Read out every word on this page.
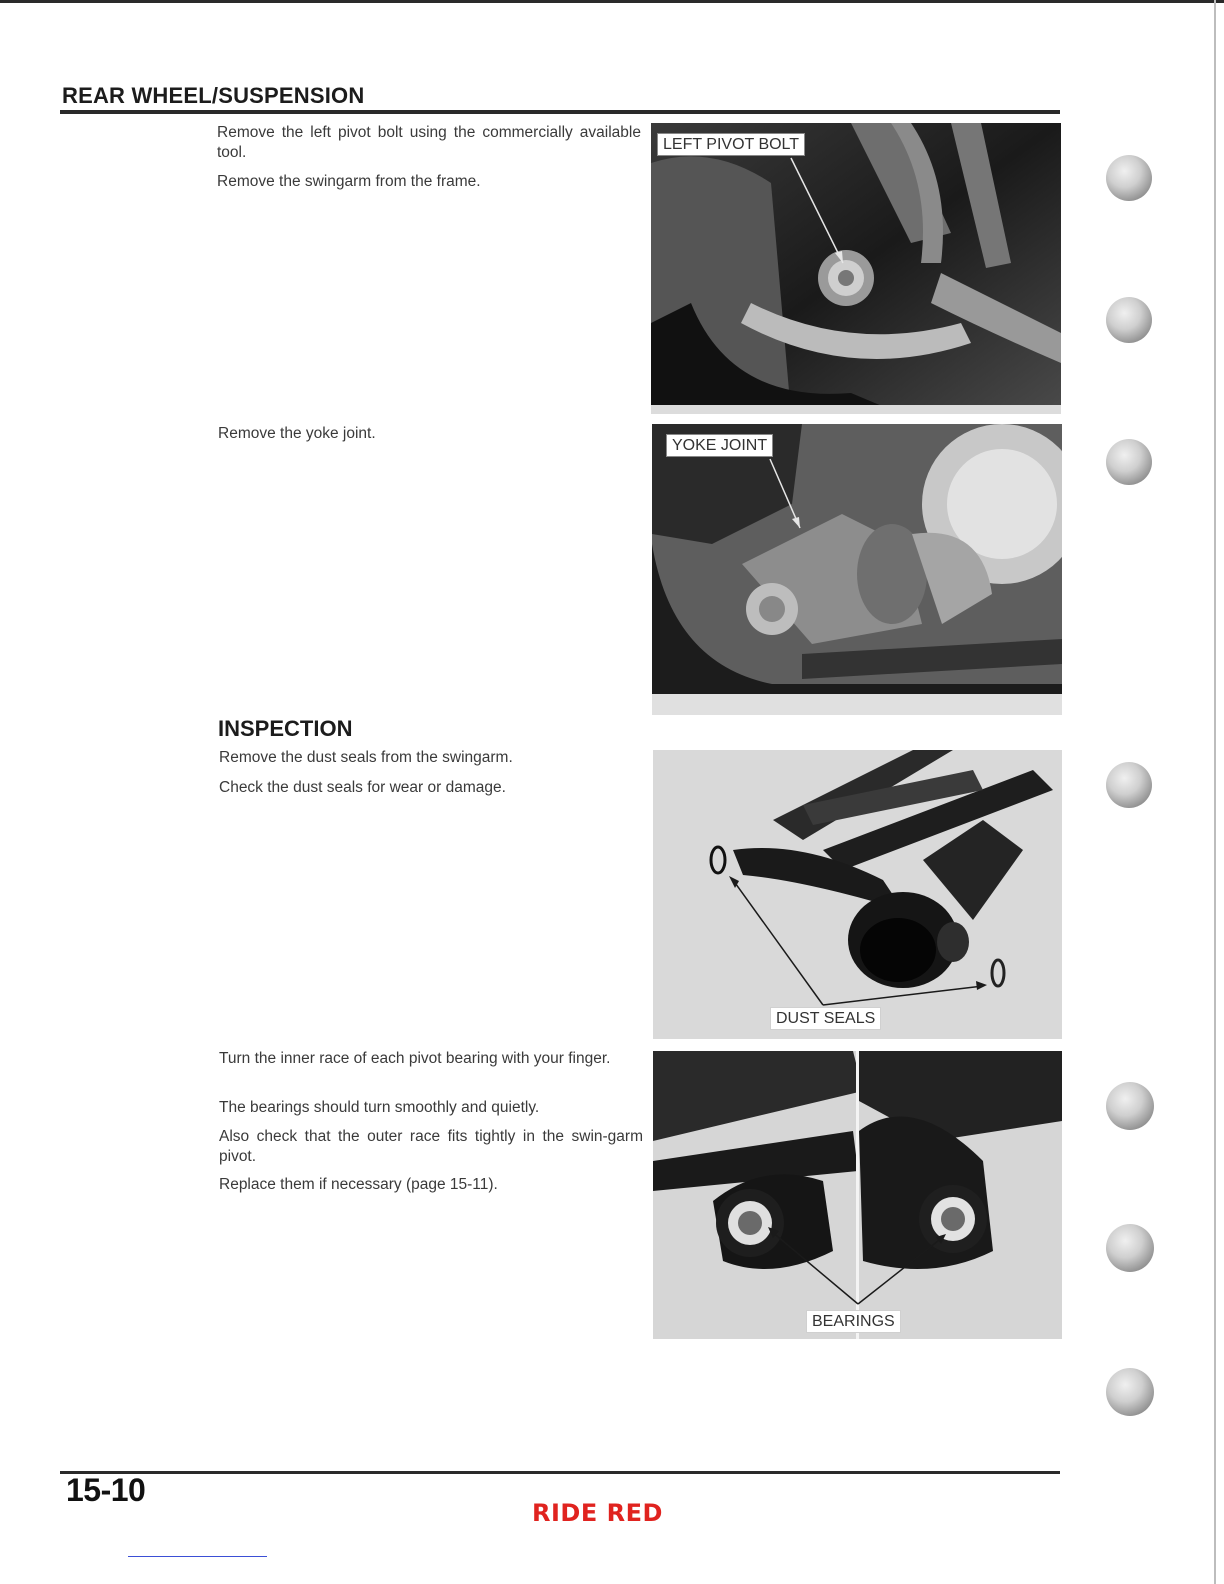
REAR WHEEL/SUSPENSION
Remove the left pivot bolt using the commercially available tool.
Remove the swingarm from the frame.
Remove the yoke joint.
INSPECTION
Remove the dust seals from the swingarm.
Check the dust seals for wear or damage.
Turn the inner race of each pivot bearing with your finger.
The bearings should turn smoothly and quietly.
Also check that the outer race fits tightly in the swin-garm pivot.
Replace them if necessary (page 15-11).
LEFT PIVOT BOLT
YOKE JOINT
DUST SEALS
BEARINGS
15-10
RIDE RED
